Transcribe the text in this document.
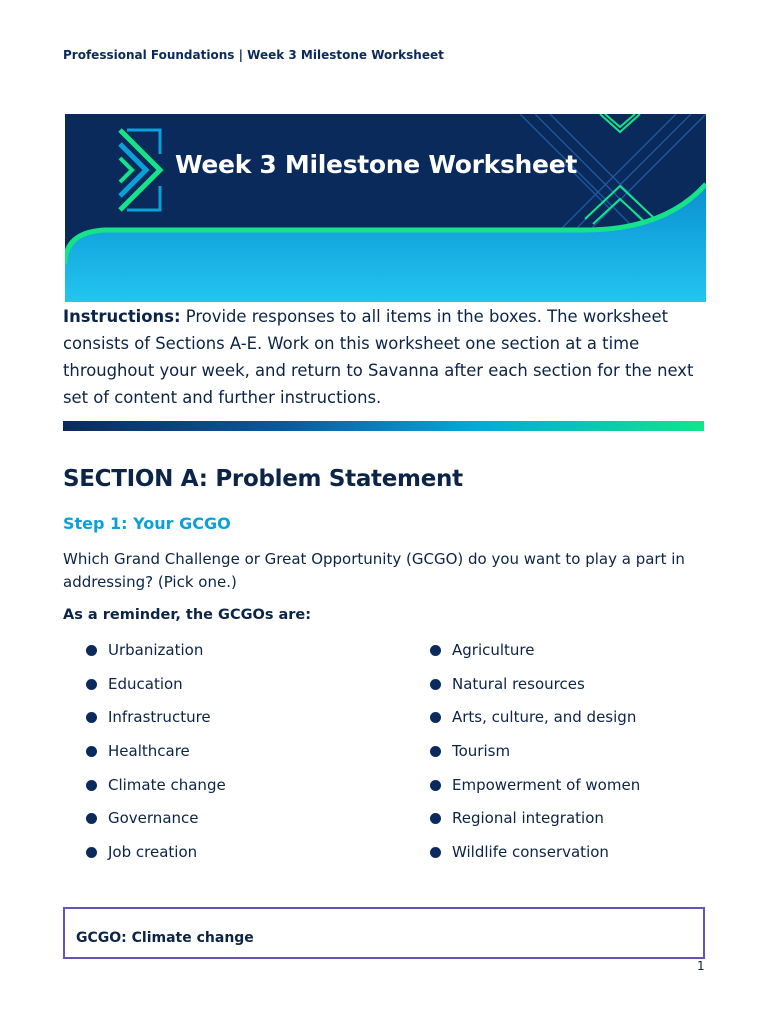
Professional Foundations | Week 3 Milestone Worksheet
Week 3 Milestone Worksheet
Instructions: Provide responses to all items in the boxes. The worksheet consists of Sections A-E. Work on this worksheet one section at a time throughout your week, and return to Savanna after each section for the next set of content and further instructions.
SECTION A: Problem Statement
Step 1: Your GCGO
Which Grand Challenge or Great Opportunity (GCGO) do you want to play a part in addressing? (Pick one.)
As a reminder, the GCGOs are:
Urbanization
Education
Infrastructure
Healthcare
Climate change
Governance
Job creation
Agriculture
Natural resources
Arts, culture, and design
Tourism
Empowerment of women
Regional integration
Wildlife conservation
GCGO: Climate change
1
